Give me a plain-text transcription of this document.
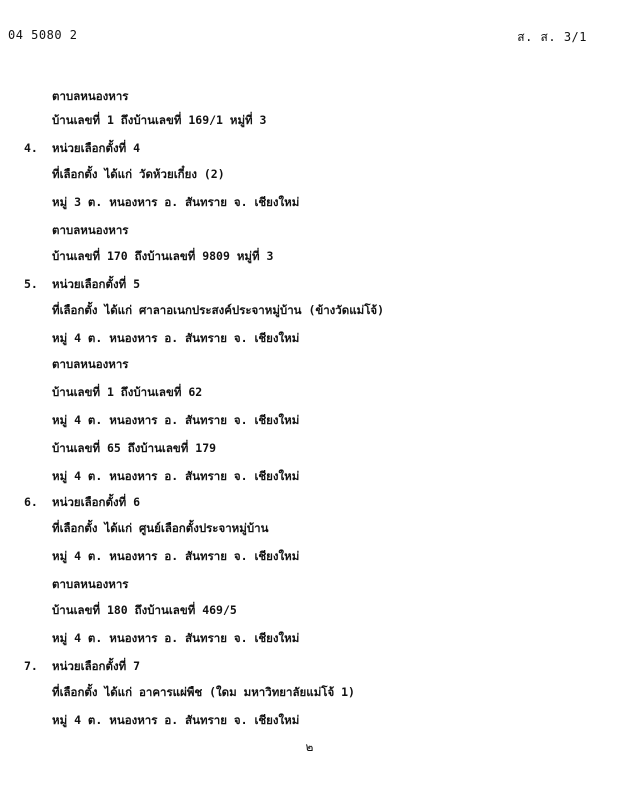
04 5080 2	ส. ส. 3/1
ตาบลหนองหาร
บ้านเลขที่ 1 ถึงบ้านเลขที่ 169/1 หมู่ที่ 3
4. หน่วยเลือกตั้งที่ 4
ที่เลือกตั้ง ได้แก่ วัดห้วยเกี๋ยง (2)
หมู่ 3 ต. หนองหาร อ. สันทราย จ. เชียงใหม่
ตาบลหนองหาร
บ้านเลขที่ 170 ถึงบ้านเลขที่ 9809 หมู่ที่ 3
5. หน่วยเลือกตั้งที่ 5
ที่เลือกตั้ง ได้แก่ ศาลาอเนกประสงค์ประจาหมู่บ้าน (ข้างวัดแม่โจ้)
หมู่ 4 ต. หนองหาร อ. สันทราย จ. เชียงใหม่
ตาบลหนองหาร
บ้านเลขที่ 1 ถึงบ้านเลขที่ 62
หมู่ 4 ต. หนองหาร อ. สันทราย จ. เชียงใหม่
บ้านเลขที่ 65 ถึงบ้านเลขที่ 179
หมู่ 4 ต. หนองหาร อ. สันทราย จ. เชียงใหม่
6. หน่วยเลือกตั้งที่ 6
ที่เลือกตั้ง ได้แก่ ศูนย์เลือกตั้งประจาหมู่บ้าน
หมู่ 4 ต. หนองหาร อ. สันทราย จ. เชียงใหม่
ตาบลหนองหาร
บ้านเลขที่ 180 ถึงบ้านเลขที่ 469/5
หมู่ 4 ต. หนองหาร อ. สันทราย จ. เชียงใหม่
7. หน่วยเลือกตั้งที่ 7
ที่เลือกตั้ง ได้แก่ อาคารแผ่พืช (ใดม มหาวิทยาลัยแม่โจ้ 1)
หมู่ 4 ต. หนองหาร อ. สันทราย จ. เชียงใหม่
๒
